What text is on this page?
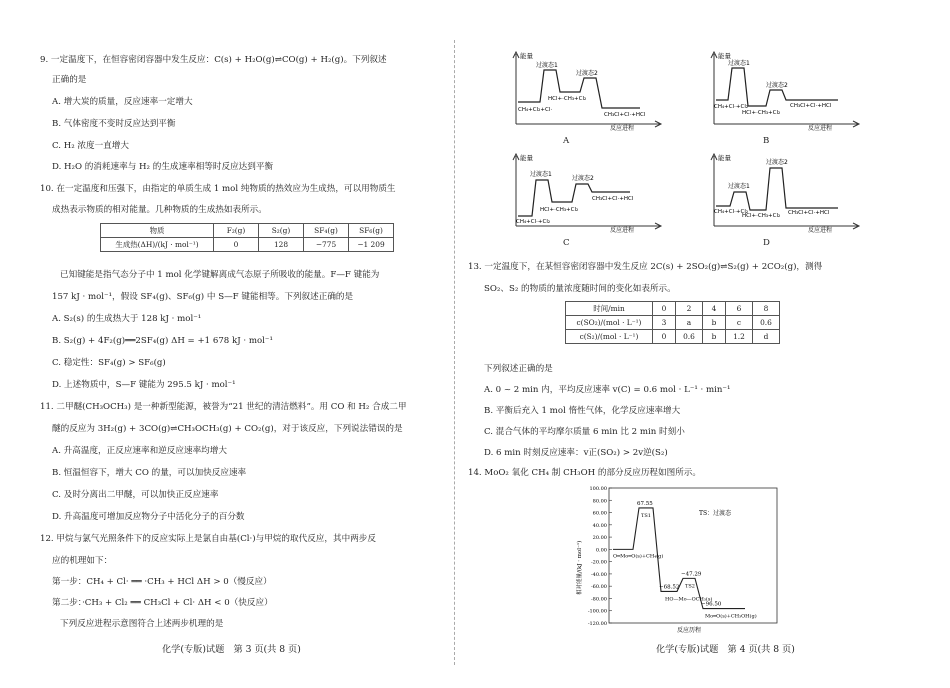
9. 一定温度下，在恒容密闭容器中发生反应：C(s) + H₂O(g)⇌CO(g) + H₂(g)。下列叙述
正确的是
A. 增大炭的质量，反应速率一定增大
B. 气体密度不变时反应达到平衡
C. H₂ 浓度一直增大
D. H₂O 的消耗速率与 H₂ 的生成速率相等时反应达到平衡
10. 在一定温度和压强下，由指定的单质生成 1 mol 纯物质的热效应为生成热，可以用物质生
成热表示物质的相对能量。几种物质的生成热如表所示。
物质	F₂(g)	S₂(g)	SF₄(g)	SF₆(g)
生成热(ΔH)/(kJ · mol⁻¹)	0	128	−775	−1 209
已知键能是指气态分子中 1 mol 化学键解离成气态原子所吸收的能量。F—F 键能为
157 kJ · mol⁻¹，假设 SF₄(g)、SF₆(g) 中 S—F 键能相等。下列叙述正确的是
A. S₂(s) 的生成热大于 128 kJ · mol⁻¹
B. S₂(g) + 4F₂(g)══2SF₄(g) ΔH = +1 678 kJ · mol⁻¹
C. 稳定性：SF₄(g) > SF₆(g)
D. 上述物质中，S—F 键能为 295.5 kJ · mol⁻¹
11. 二甲醚(CH₃OCH₃) 是一种新型能源，被誉为“21 世纪的清洁燃料”。用 CO 和 H₂ 合成二甲
醚的反应为 3H₂(g) + 3CO(g)⇌CH₃OCH₃(g) + CO₂(g)，对于该反应，下列说法错误的是
A. 升高温度，正反应速率和逆反应速率均增大
B. 恒温恒容下，增大 CO 的量，可以加快反应速率
C. 及时分离出二甲醚，可以加快正反应速率
D. 升高温度可增加反应物分子中活化分子的百分数
12. 甲烷与氯气光照条件下的反应实际上是氯自由基(Cl·)与甲烷的取代反应，其中两步反
应的机理如下：
第一步：CH₄ + Cl· ══ ·CH₃ + HCl ΔH > 0（慢反应）
第二步：·CH₃ + Cl₂ ══ CH₃Cl + Cl· ΔH < 0（快反应）
下列反应进程示意图符合上述两步机理的是
化学(专版)试题　第 3 页(共 8 页)
能量
过渡态1
过渡态2
CH₄+Cl₂+Cl·
HCl+·CH₃+Cl₂
CH₃Cl+Cl·+HCl
反应进程
A
能量
过渡态1
过渡态2
CH₄+Cl·+Cl₂
HCl+·CH₃+Cl₂
CH₃Cl+Cl·+HCl
反应进程
B
能量
过渡态1
过渡态2
CH₄+Cl·+Cl₂
HCl+·CH₃+Cl₂
CH₃Cl+Cl·+HCl
反应进程
C
能量
过渡态1
过渡态2
CH₄+Cl·+Cl₂
HCl+·CH₃+Cl₂ CH₃Cl+Cl·+HCl
反应进程
D
13. 一定温度下，在某恒容密闭容器中发生反应 2C(s) + 2SO₂(g)⇌S₂(g) + 2CO₂(g)，测得
SO₂、S₂ 的物质的量浓度随时间的变化如表所示。
时间/min	0	2	4	6	8
c(SO₂)/(mol · L⁻¹)	3	a	b	c	0.6
c(S₂)/(mol · L⁻¹)	0	0.6	b	1.2	d
下列叙述正确的是
A. 0 ~ 2 min 内，平均反应速率 v(C) = 0.6 mol · L⁻¹ · min⁻¹
B. 平衡后充入 1 mol 惰性气体，化学反应速率增大
C. 混合气体的平均摩尔质量 6 min 比 2 min 时刻小
D. 6 min 时刻反应速率：v正(SO₂) > 2v逆(S₂)
14. MoO₂ 氧化 CH₄ 制 CH₃OH 的部分反应历程如图所示。
100.00
80.00
60.00
40.00
20.00
0.00
-20.00
-40.00
-60.00
-80.00
-100.00
-120.00
相对能量/(kJ · mol⁻¹)
反应历程
TS：过渡态
O═Mo═O(s)+CH₄(g)
TS1
HO—Mo—OCH₃(s)
TS2
Mo═O(s)+CH₃OH(g)
67.55
−68.52
−47.29
−96.50
化学(专版)试题　第 4 页(共 8 页)
